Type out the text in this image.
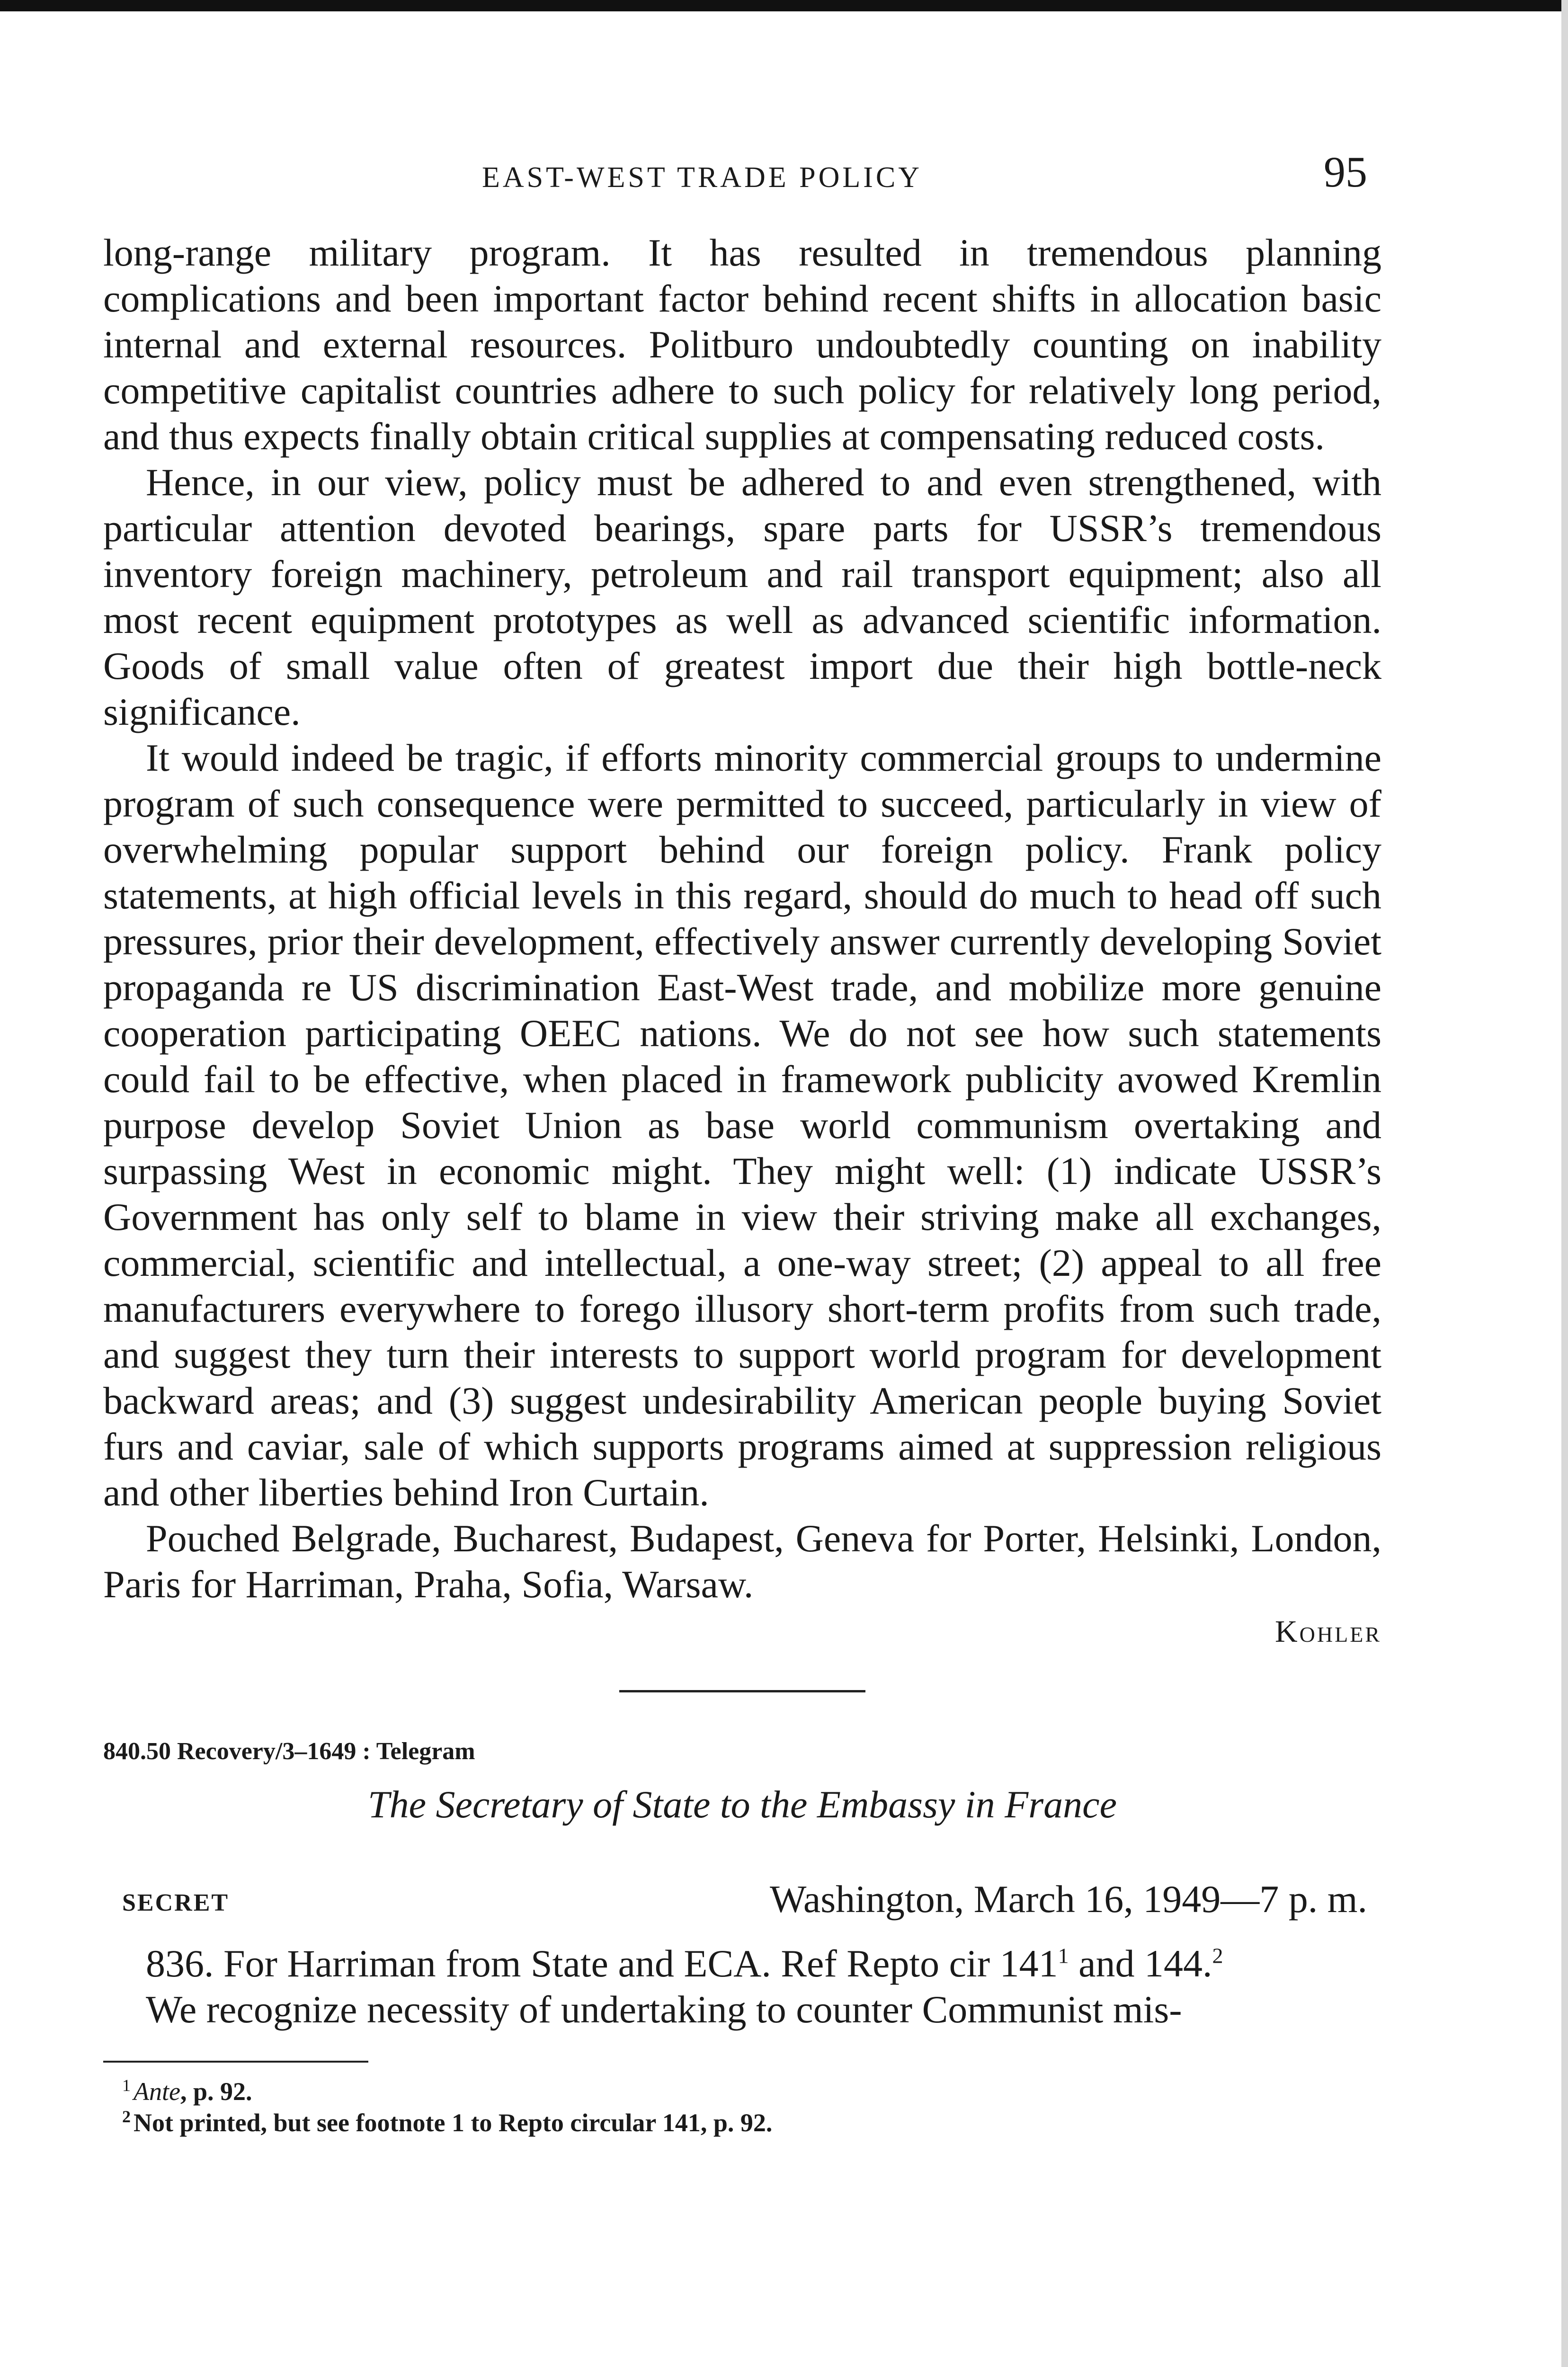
EAST-WEST TRADE POLICY	95

long-range military program. It has resulted in tremendous planning complications and been important factor behind recent shifts in allocation basic internal and external resources. Politburo undoubtedly counting on inability competitive capitalist countries adhere to such policy for relatively long period, and thus expects finally obtain critical supplies at compensating reduced costs.

Hence, in our view, policy must be adhered to and even strengthened, with particular attention devoted bearings, spare parts for USSR’s tremendous inventory foreign machinery, petroleum and rail transport equipment; also all most recent equipment prototypes as well as advanced scientific information. Goods of small value often of greatest import due their high bottle-neck significance.

It would indeed be tragic, if efforts minority commercial groups to undermine program of such consequence were permitted to succeed, particularly in view of overwhelming popular support behind our foreign policy. Frank policy statements, at high official levels in this regard, should do much to head off such pressures, prior their development, effectively answer currently developing Soviet propaganda re US discrimination East-West trade, and mobilize more genuine cooperation participating OEEC nations. We do not see how such statements could fail to be effective, when placed in framework publicity avowed Kremlin purpose develop Soviet Union as base world communism overtaking and surpassing West in economic might. They might well: (1) indicate USSR’s Government has only self to blame in view their striving make all exchanges, commercial, scientific and intellectual, a one-way street; (2) appeal to all free manufacturers everywhere to forego illusory short-term profits from such trade, and suggest they turn their interests to support world program for development backward areas; and (3) suggest undesirability American people buying Soviet furs and caviar, sale of which supports programs aimed at suppression religious and other liberties behind Iron Curtain.

Pouched Belgrade, Bucharest, Budapest, Geneva for Porter, Helsinki, London, Paris for Harriman, Praha, Sofia, Warsaw.

Kohler
840.50 Recovery/3–1649 : Telegram
The Secretary of State to the Embassy in France
SECRET	Washington, March 16, 1949—7 p. m.

836. For Harriman from State and ECA. Ref Repto cir $141^1$ and 144.$^2$

We recognize necessity of undertaking to counter Communist mis-

$^1$ Ante, p. 92.

$^2$ Not printed, but see footnote 1 to Repto circular 141, p. 92.
